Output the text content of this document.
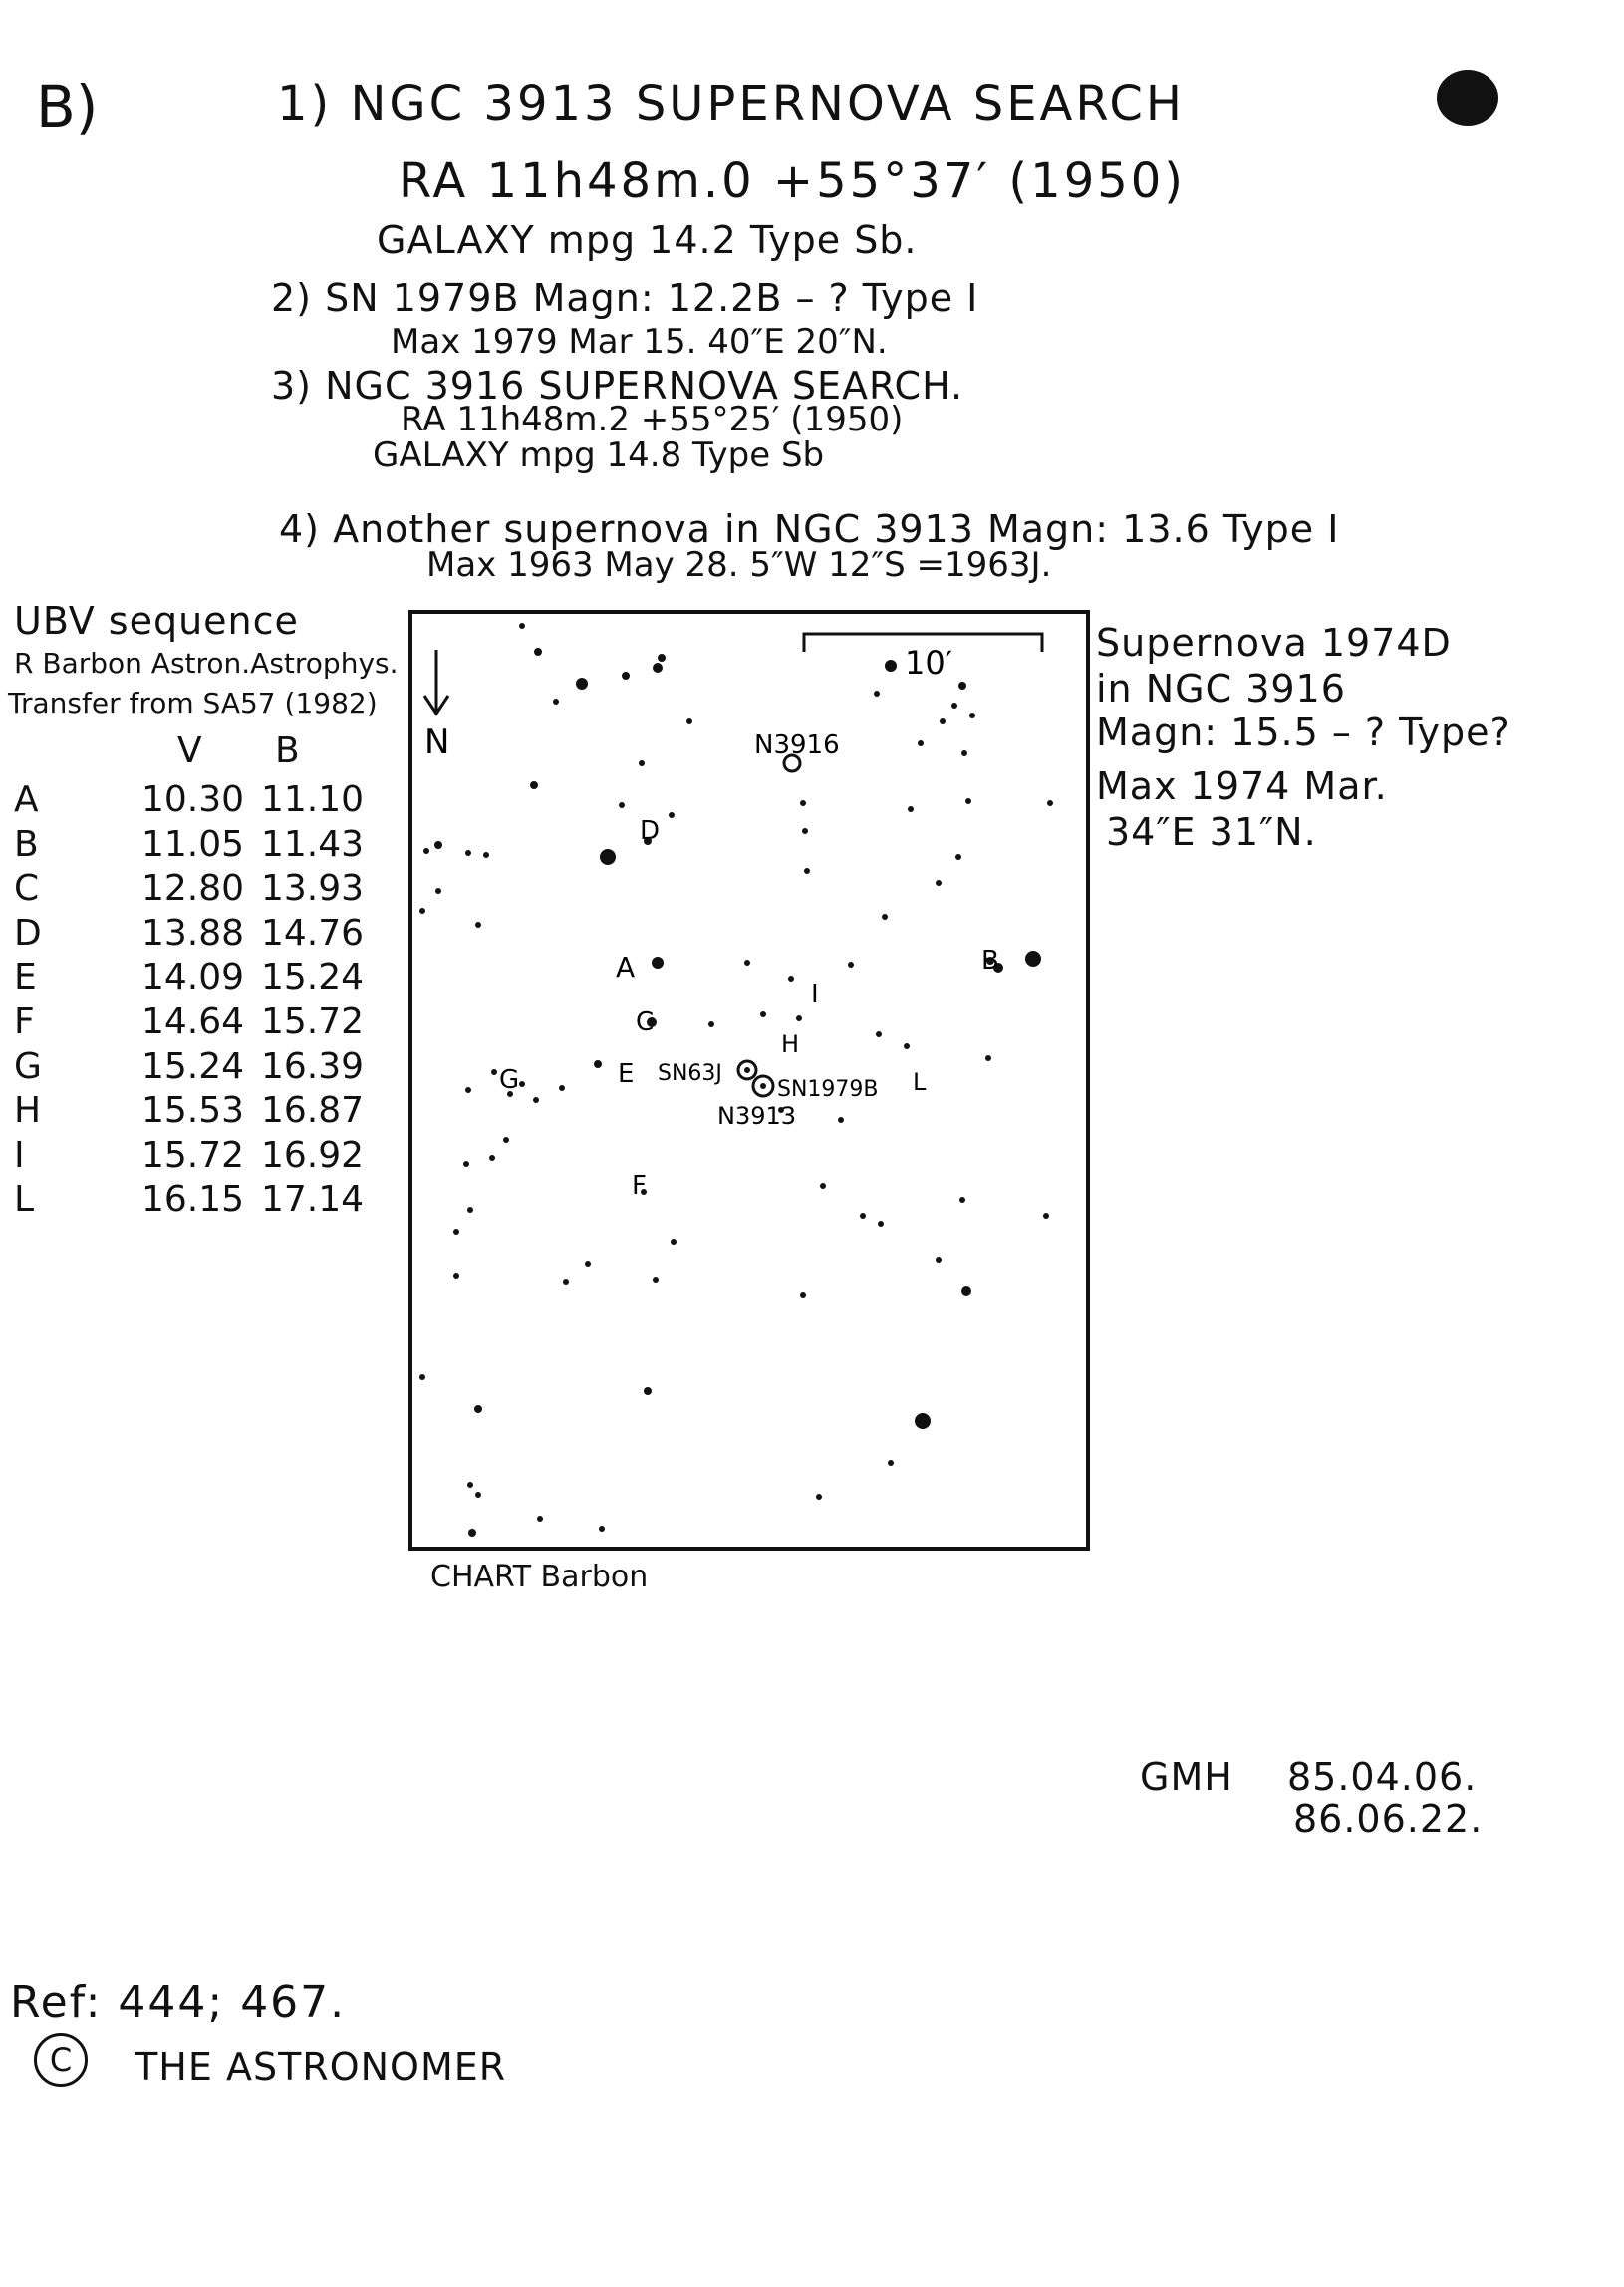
B)	1) NGC 3913 SUPERNOVA SEARCH
RA 11h48m.0 +55°37′ (1950)
GALAXY mpg 14.2 Type Sb.
2) SN 1979B Magn: 12.2B – ? Type I
Max 1979 Mar 15. 40″E 20″N.
3) NGC 3916 SUPERNOVA SEARCH.
RA 11h48m.2 +55°25′ (1950)
GALAXY mpg 14.8 Type Sb
4) Another supernova in NGC 3913 Magn: 13.6 Type I
Max 1963 May 28. 5″W 12″S =1963J.
UBV sequence
R Barbon Astron.Astrophys.
Transfer from SA57 (1982)
V B
A	10.30 11.10
B	11.05 11.43
C	12.80 13.93
D	13.88 14.76
E	14.09 15.24
F	14.64 15.72
G	15.24 16.39
H	15.53 16.87
I	15.72 16.92
L	16.15 17.14
Supernova 1974D
in NGC 3916
Magn: 15.5 – ? Type?
Max 1974 Mar.
34″E 31″N.
N
10′
N3916
A	B
C
D
E
F
G
H
I
L
SN63J
SN1979B
N3913
CHART Barbon
GMH 85.04.06.
86.06.22.
Ref: 444; 467.
C THE ASTRONOMER
